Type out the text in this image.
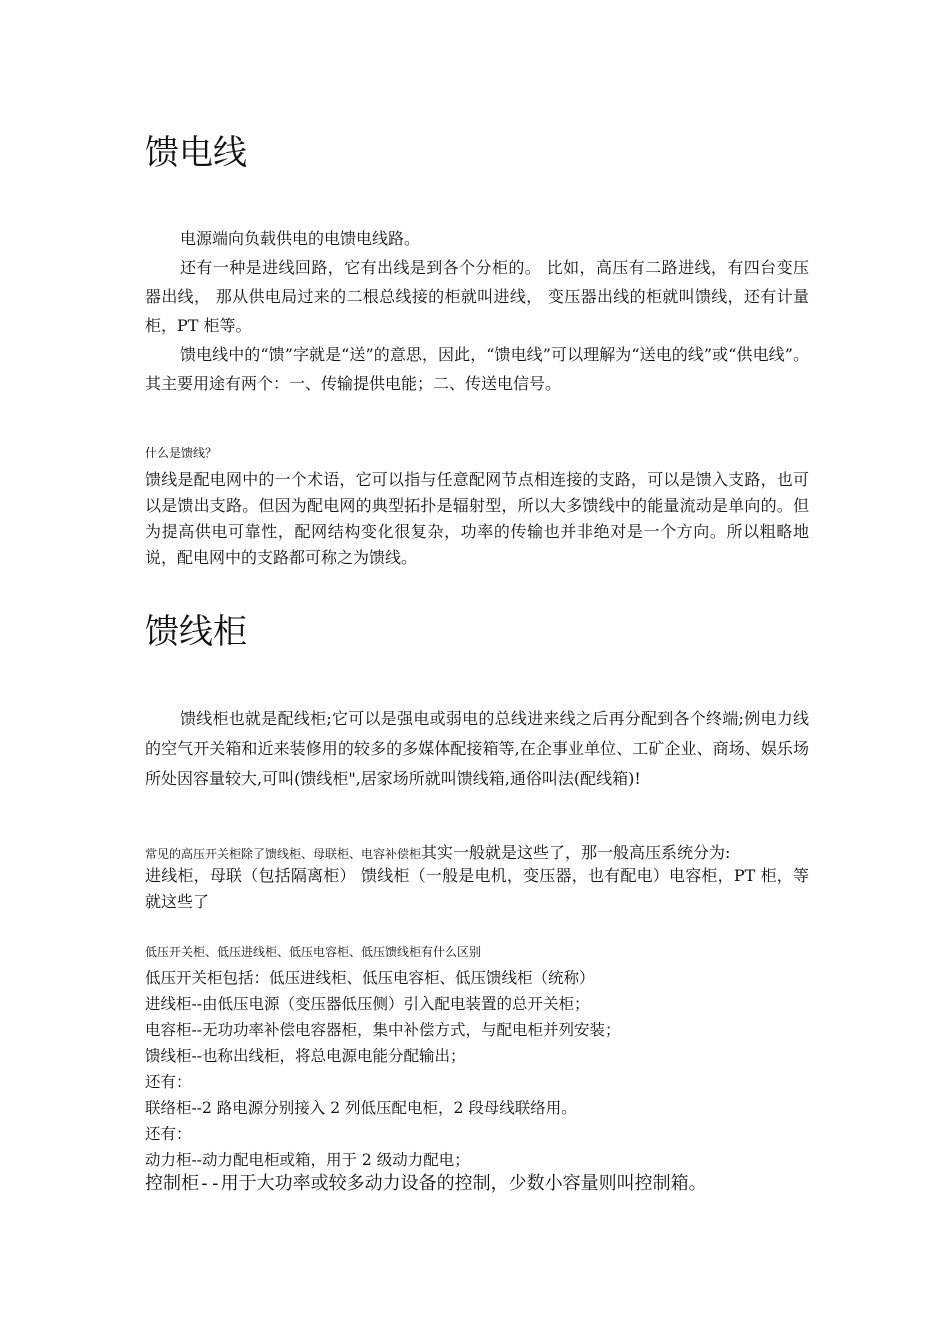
馈电线

电源端向负载供电的电馈电线路。

还有一种是进线回路，它有出线是到各个分柜的。 比如，高压有二路进线，有四台变压器出线， 那从供电局过来的二根总线接的柜就叫进线， 变压器出线的柜就叫馈线，还有计量柜，PT 柜等。

馈电线中的“馈”字就是“送”的意思，因此，“馈电线”可以理解为“送电的线”或“供电线”。其主要用途有两个：一、传输提供电能；二、传送电信号。

什么是馈线？

馈线是配电网中的一个术语，它可以指与任意配网节点相连接的支路，可以是馈入支路，也可以是馈出支路。但因为配电网的典型拓扑是辐射型，所以大多馈线中的能量流动是单向的。但为提高供电可靠性，配网结构变化很复杂，功率的传输也并非绝对是一个方向。所以粗略地说，配电网中的支路都可称之为馈线。

馈线柜

馈线柜也就是配线柜;它可以是强电或弱电的总线进来线之后再分配到各个终端;例电力线的空气开关箱和近来装修用的较多的多媒体配接箱等,在企事业单位、工矿企业、商场、娱乐场所处因容量较大,可叫(馈线柜",居家场所就叫馈线箱,通俗叫法(配线箱)!

常见的高压开关柜除了馈线柜、母联柜、电容补偿柜其实一般就是这些了，那一般高压系统分为:

进线柜，母联（包括隔离柜） 馈线柜（一般是电机，变压器，也有配电）电容柜，PT 柜，等就这些了

低压开关柜、低压进线柜、低压电容柜、低压馈线柜有什么区别

低压开关柜包括：低压进线柜、低压电容柜、低压馈线柜（统称）

进线柜--由低压电源（变压器低压侧）引入配电装置的总开关柜；

电容柜--无功功率补偿电容器柜，集中补偿方式，与配电柜并列安装；

馈线柜--也称出线柜，将总电源电能分配输出；

还有：

联络柜--2 路电源分别接入 2 列低压配电柜，2 段母线联络用。

还有：

动力柜--动力配电柜或箱，用于 2 级动力配电；

控制柜--用于大功率或较多动力设备的控制，少数小容量则叫控制箱。
